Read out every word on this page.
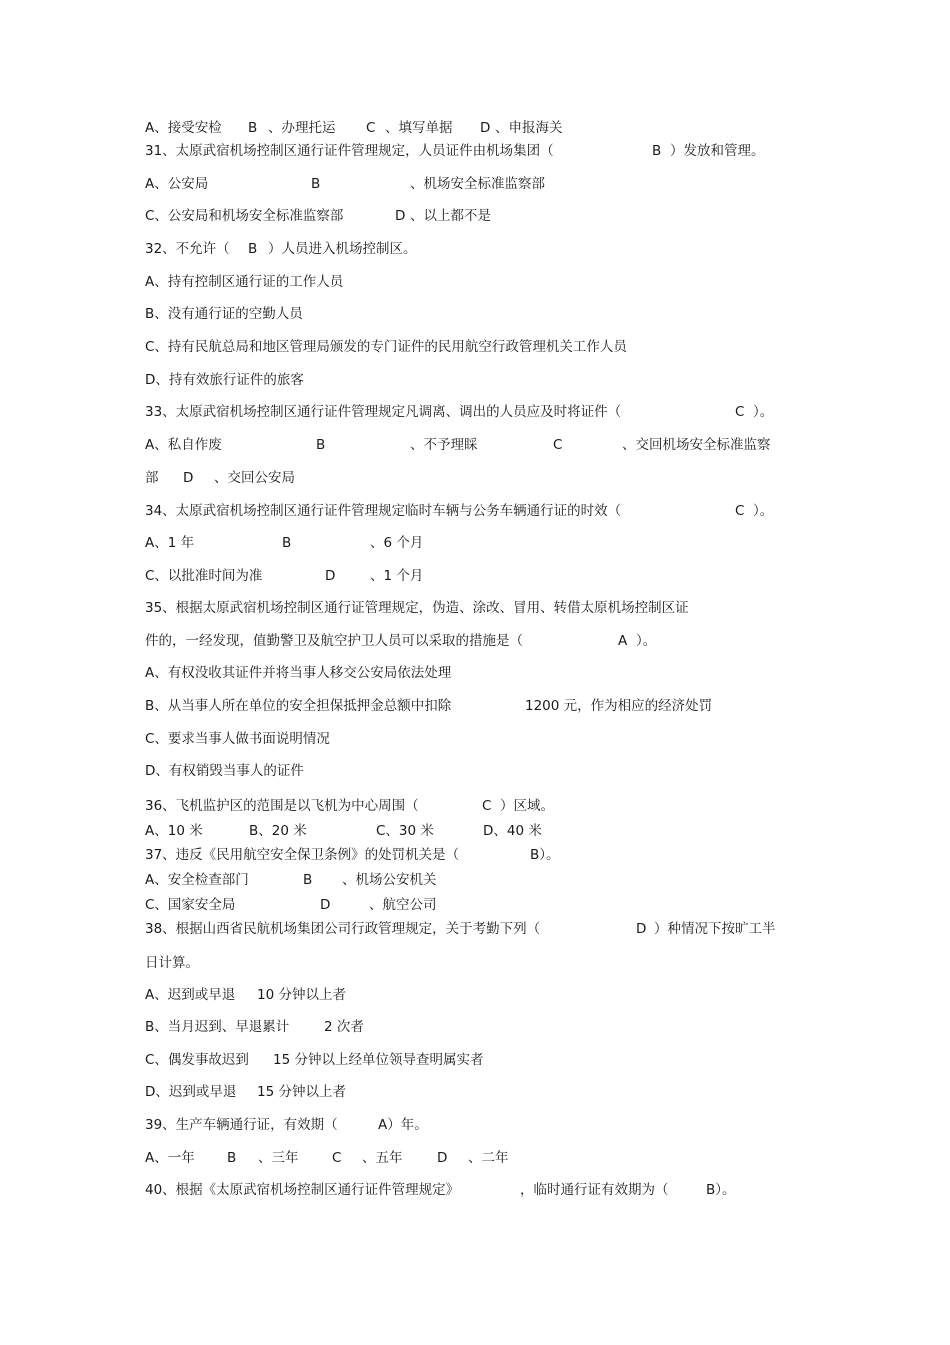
A、接受安检 B 、办理托运 C 、填写单据 D 、申报海关
31、太原武宿机场控制区通行证件管理规定，人员证件由机场集团（	B ）发放和管理。
A、公安局	B	、机场安全标准监察部
C、公安局和机场安全标准监察部	D 、以上都不是
32、不允许（ B ）人员进入机场控制区。
A、持有控制区通行证的工作人员
B、没有通行证的空勤人员
C、持有民航总局和地区管理局颁发的专门证件的民用航空行政管理机关工作人员
D、持有效旅行证件的旅客
33、太原武宿机场控制区通行证件管理规定凡调离、调出的人员应及时将证件（	C ）。
A、私自作废	B	、不予理睬	C	、交回机场安全标准监察
部 D 、交回公安局
34、太原武宿机场控制区通行证件管理规定临时车辆与公务车辆通行证的时效（	C ）。
A、1 年	B	、6 个月
C、以批准时间为准	D	、1 个月
35、根据太原武宿机场控制区通行证管理规定，伪造、涂改、冒用、转借太原机场控制区证
件的，一经发现，值勤警卫及航空护卫人员可以采取的措施是（	A ）。
A、有权没收其证件并将当事人移交公安局依法处理
B、从当事人所在单位的安全担保抵押金总额中扣除	1200 元，作为相应的经济处罚
C、要求当事人做书面说明情况
D、有权销毁当事人的证件
36、飞机监护区的范围是以飞机为中心周围（	C ）区域。
A、10 米	B、20 米	C、30 米	D、40 米
37、违反《民用航空安全保卫条例》的处罚机关是（	B）。
A、安全检查部门	B 、机场公安机关
C、国家安全局	D	、航空公司
38、根据山西省民航机场集团公司行政管理规定，关于考勤下列（	D ）种情况下按旷工半
日计算。
A、迟到或早退 10 分钟以上者
B、当月迟到、早退累计	2 次者
C、偶发事故迟到 15 分钟以上经单位领导查明属实者
D、迟到或早退 15 分钟以上者
39、生产车辆通行证，有效期（	A）年。
A、一年 B 、三年 C 、五年	D 、二年
40、根据《太原武宿机场控制区通行证件管理规定》	，临时通行证有效期为（	B）。
